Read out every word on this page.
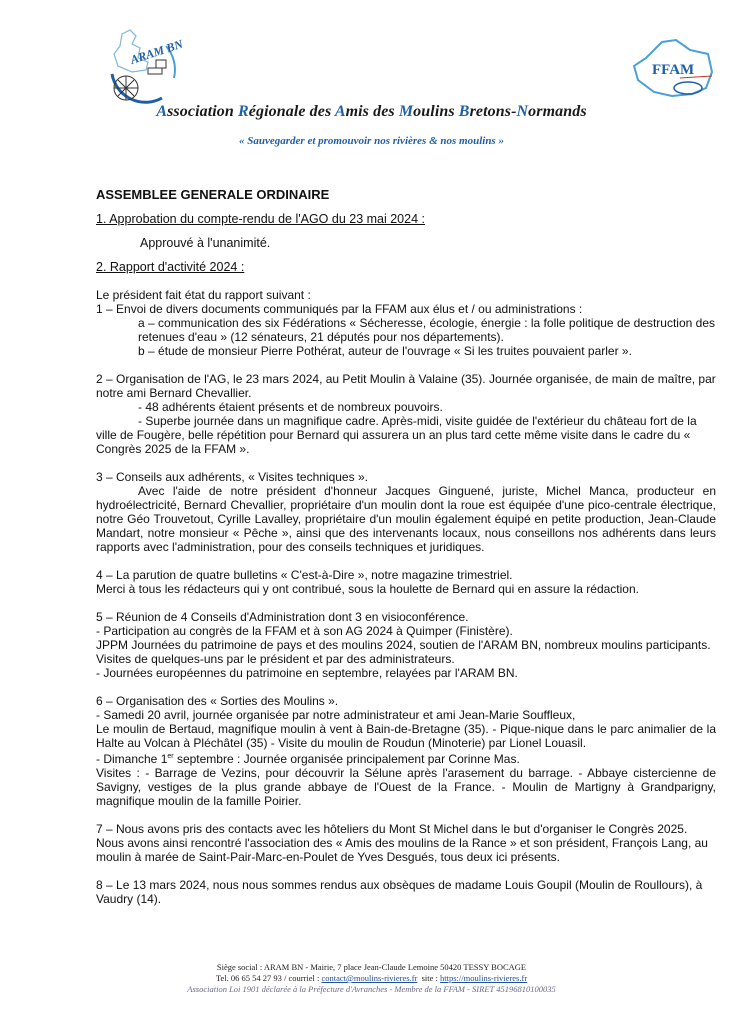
ARAM BN
FFAM
Association Régionale des Amis des Moulins Bretons-Normands
« Sauvegarder et promouvoir nos rivières & nos moulins »
ASSEMBLEE GENERALE ORDINAIRE
1. Approbation du compte-rendu de l'AGO du 23 mai 2024 :
Approuvé à l'unanimité.
2. Rapport d'activité 2024 :

Le président fait état du rapport suivant :

1 – Envoi de divers documents communiqués par la FFAM aux élus et / ou administrations :

a – communication des six Fédérations « Sécheresse, écologie, énergie : la folle politique de destruction des retenues d'eau » (12 sénateurs, 21 députés pour nos départements).

b – étude de monsieur Pierre Pothérat, auteur de l'ouvrage « Si les truites pouvaient parler ».

2 – Organisation de l'AG, le 23 mars 2024, au Petit Moulin à Valaine (35). Journée organisée, de main de maître, par notre ami Bernard Chevallier.

- 48 adhérents étaient présents et de nombreux pouvoirs.

- Superbe journée dans un magnifique cadre. Après-midi, visite guidée de l'extérieur du château fort de la ville de Fougère, belle répétition pour Bernard qui assurera un an plus tard cette même visite dans le cadre du « Congrès 2025 de la FFAM ».

3 – Conseils aux adhérents, « Visites techniques ».

Avec l'aide de notre président d'honneur Jacques Ginguené, juriste, Michel Manca, producteur en hydroélectricité, Bernard Chevallier, propriétaire d'un moulin dont la roue est équipée d'une pico-centrale électrique, notre Géo Trouvetout, Cyrille Lavalley, propriétaire d'un moulin également équipé en petite production, Jean-Claude Mandart, notre monsieur « Pêche », ainsi que des intervenants locaux, nous conseillons nos adhérents dans leurs rapports avec l'administration, pour des conseils techniques et juridiques.

4 – La parution de quatre bulletins « C'est-à-Dire », notre magazine trimestriel.

Merci à tous les rédacteurs qui y ont contribué, sous la houlette de Bernard qui en assure la rédaction.

5 – Réunion de 4 Conseils d'Administration dont 3 en visioconférence.

- Participation au congrès de la FFAM et à son AG 2024 à Quimper (Finistère).

JPPM Journées du patrimoine de pays et des moulins 2024, soutien de l'ARAM BN, nombreux moulins participants. Visites de quelques-uns par le président et par des administrateurs.

- Journées européennes du patrimoine en septembre, relayées par l'ARAM BN.

6 – Organisation des « Sorties des Moulins ».

- Samedi 20 avril, journée organisée par notre administrateur et ami Jean-Marie Souffleux,

Le moulin de Bertaud, magnifique moulin à vent à Bain-de-Bretagne (35). - Pique-nique dans le parc animalier de la Halte au Volcan à Pléchâtel (35) - Visite du moulin de Roudun (Minoterie) par Lionel Louasil.

- Dimanche 1er septembre : Journée organisée principalement par Corinne Mas.

Visites : - Barrage de Vezins, pour découvrir la Sélune après l'arasement du barrage. - Abbaye cistercienne de Savigny, vestiges de la plus grande abbaye de l'Ouest de la France. - Moulin de Martigny à Grandparigny, magnifique moulin de la famille Poirier.

7 – Nous avons pris des contacts avec les hôteliers du Mont St Michel dans le but d'organiser le Congrès 2025.

Nous avons ainsi rencontré l'association des « Amis des moulins de la Rance » et son président, François Lang, au moulin à marée de Saint-Pair-Marc-en-Poulet de Yves Desgués, tous deux ici présents.

8 – Le 13 mars 2024, nous nous sommes rendus aux obsèques de madame Louis Goupil (Moulin de Roullours), à Vaudry (14).

Siège social : ARAM BN - Mairie, 7 place Jean-Claude Lemoine 50420 TESSY BOCAGE
Tel. 06 65 54 27 93 / courriel : contact@moulins-rivieres.fr  site : https://moulins-rivieres.fr
Association Loi 1901 déclarée à la Préfecture d'Avranches - Membre de la FFAM - SIRET 45196810100035
